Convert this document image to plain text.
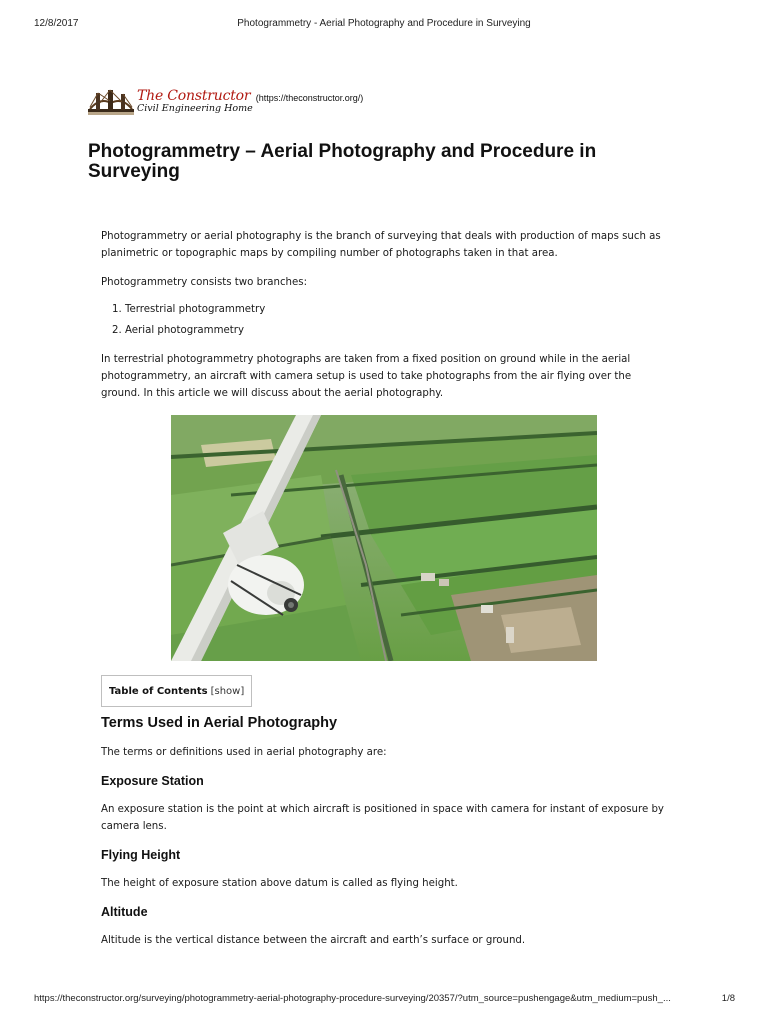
12/8/2017	Photogrammetry - Aerial Photography and Procedure in Surveying
The Constructor
Civil Engineering Home
(https://theconstructor.org/)
Photogrammetry – Aerial Photography and Procedure in Surveying

Photogrammetry or aerial photography is the branch of surveying that deals with production of maps such as planimetric or topographic maps by compiling number of photographs taken in that area.

Photogrammetry consists two branches:

1. Terrestrial photogrammetry
2. Aerial photogrammetry

In terrestrial photogrammetry photographs are taken from a fixed position on ground while in the aerial photogrammetry, an aircraft with camera setup is used to take photographs from the air flying over the ground. In this article we will discuss about the aerial photography.

Table of Contents [ show ]
Terms Used in Aerial Photography

The terms or definitions used in aerial photography are:

Exposure Station

An exposure station is the point at which aircraft is positioned in space with camera for instant of exposure by camera lens.

Flying Height

The height of exposure station above datum is called as flying height.

Altitude

Altitude is the vertical distance between the aircraft and earth’s surface or ground.

https://theconstructor.org/surveying/photogrammetry-aerial-photography-procedure-surveying/20357/?utm_source=pushengage&utm_medium=push_...	1/8
